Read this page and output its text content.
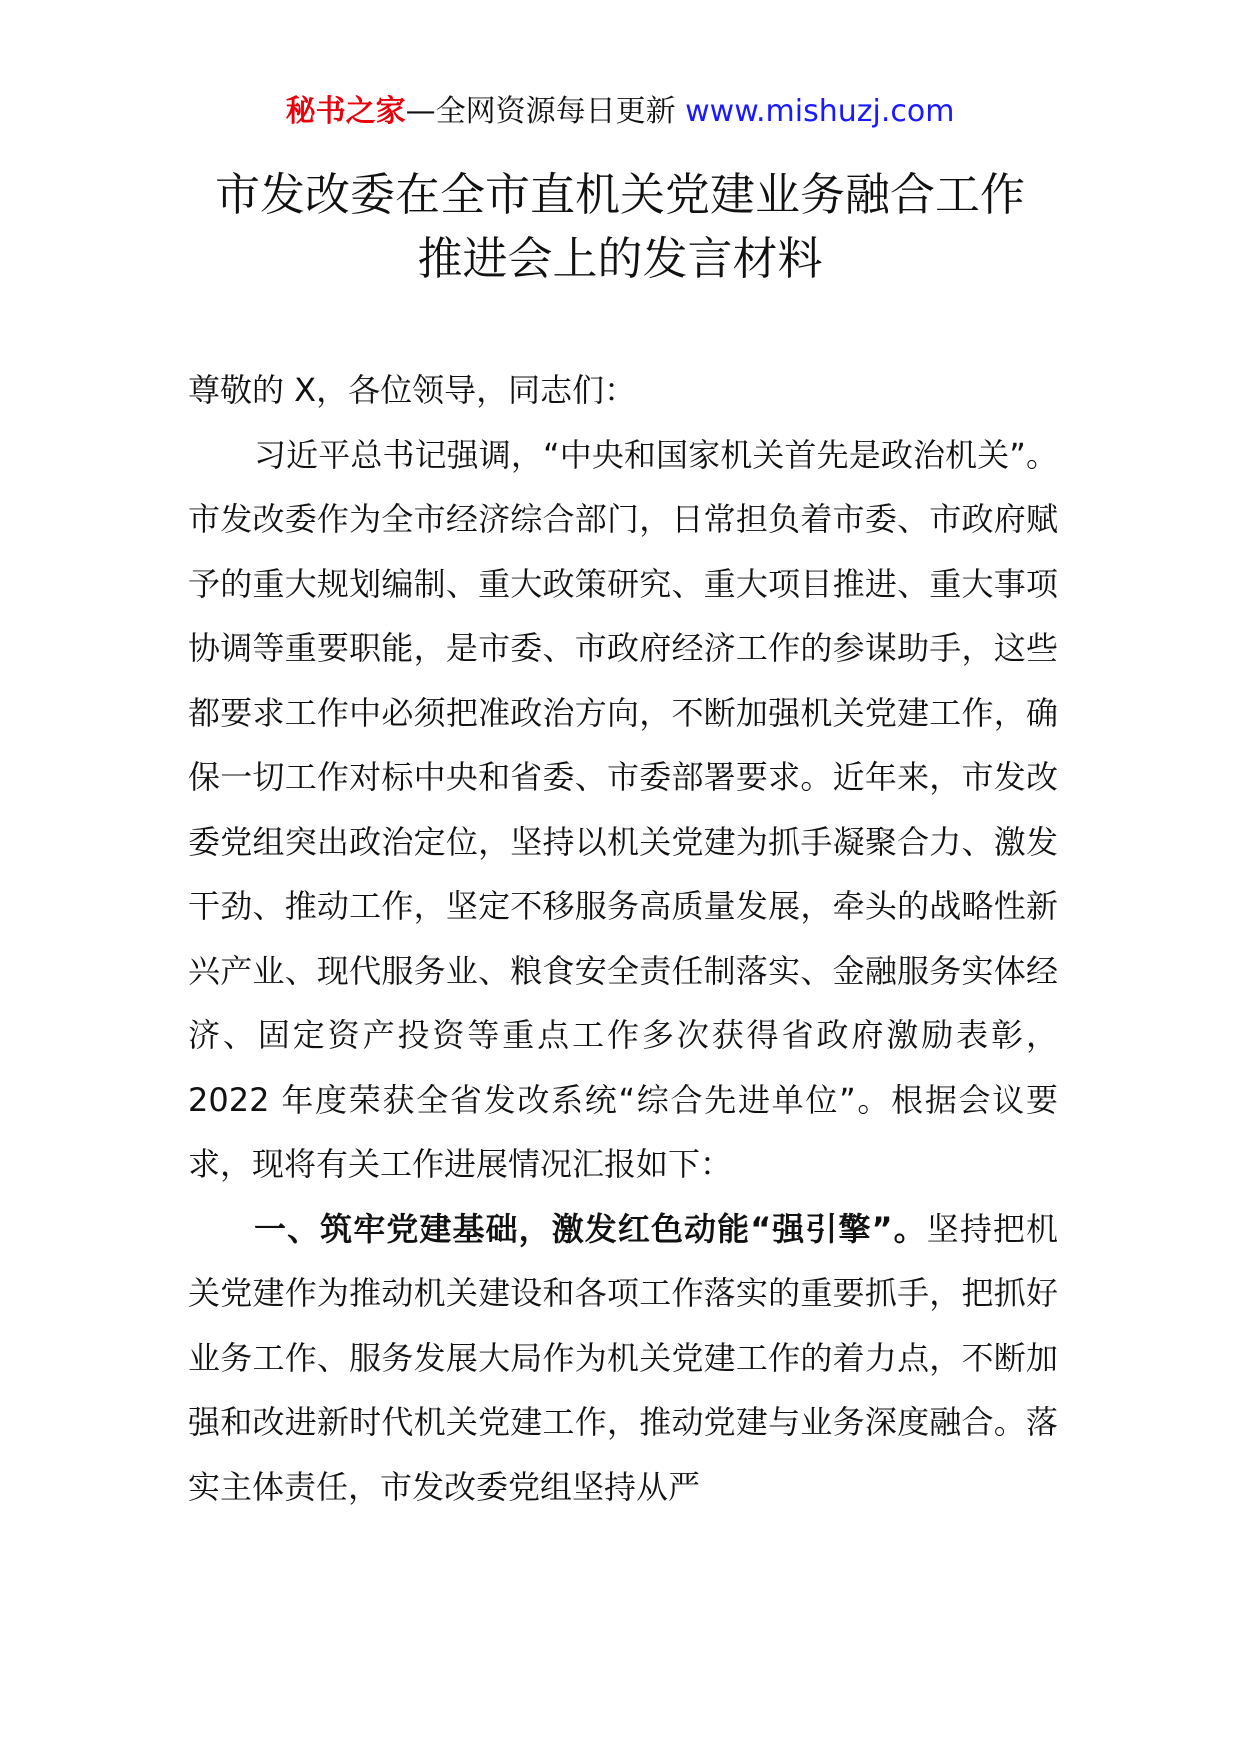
秘书之家—全网资源每日更新 www.mishuzj.com
市发改委在全市直机关党建业务融合工作
推进会上的发言材料

尊敬的 X，各位领导，同志们：

习近平总书记强调，“中央和国家机关首先是政治机关”。市发改委作为全市经济综合部门，日常担负着市委、市政府赋予的重大规划编制、重大政策研究、重大项目推进、重大事项协调等重要职能，是市委、市政府经济工作的参谋助手，这些都要求工作中必须把准政治方向，不断加强机关党建工作，确保一切工作对标中央和省委、市委部署要求。近年来，市发改委党组突出政治定位，坚持以机关党建为抓手凝聚合力、激发干劲、推动工作，坚定不移服务高质量发展，牵头的战略性新兴产业、现代服务业、粮食安全责任制落实、金融服务实体经济、固定资产投资等重点工作多次获得省政府激励表彰，2022 年度荣获全省发改系统“综合先进单位”。根据会议要求，现将有关工作进展情况汇报如下：

一、筑牢党建基础，激发红色动能“强引擎”。坚持把机关党建作为推动机关建设和各项工作落实的重要抓手，把抓好业务工作、服务发展大局作为机关党建工作的着力点，不断加强和改进新时代机关党建工作，推动党建与业务深度融合。落实主体责任，市发改委党组坚持从严
